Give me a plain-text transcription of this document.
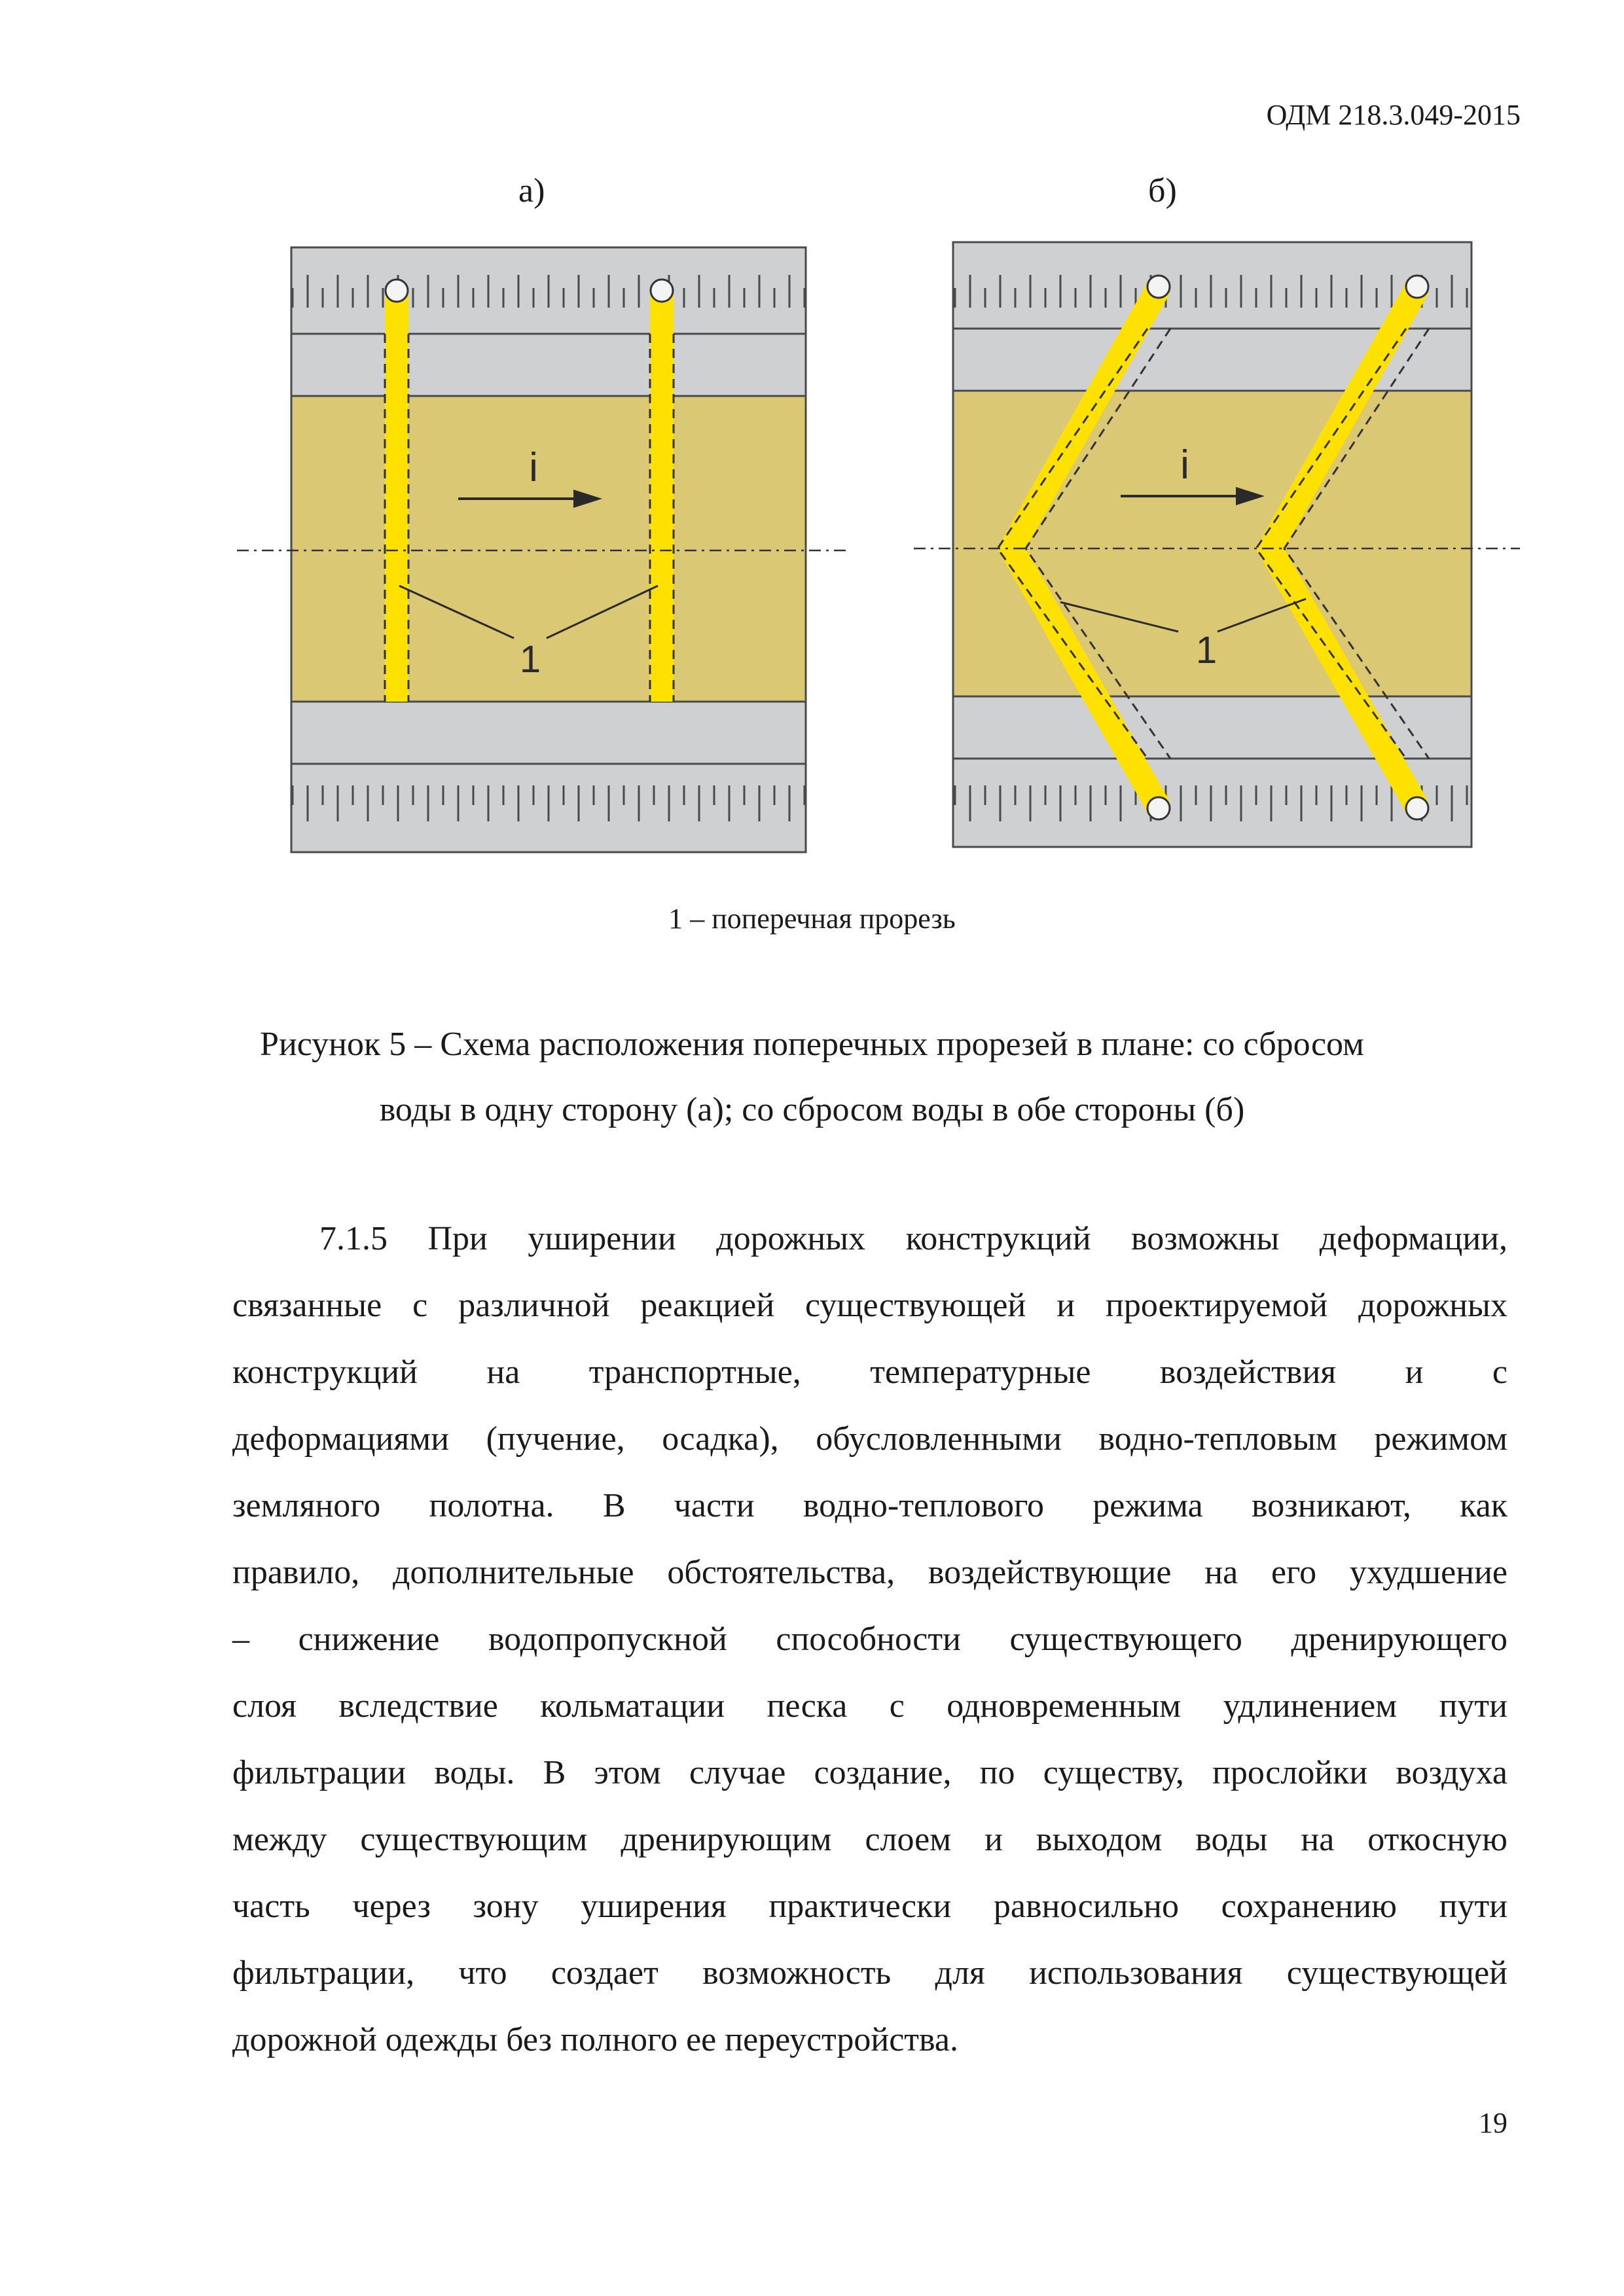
ОДМ 218.3.049-2015
а)	б)
i
1
i
1
1 – поперечная прорезь
Рисунок 5 – Схема расположения поперечных прорезей в плане: со сбросом
воды в одну сторону (а); со сбросом воды в обе стороны (б)
7.1.5 При уширении дорожных конструкций возможны деформации,
связанные с различной реакцией существующей и проектируемой дорожных
конструкций на транспортные, температурные воздействия и с
деформациями (пучение, осадка), обусловленными водно-тепловым режимом
земляного полотна. В части водно-теплового режима возникают, как
правило, дополнительные обстоятельства, воздействующие на его ухудшение
– снижение водопропускной способности существующего дренирующего
слоя вследствие кольматации песка с одновременным удлинением пути
фильтрации воды. В этом случае создание, по существу, прослойки воздуха
между существующим дренирующим слоем и выходом воды на откосную
часть через зону уширения практически равносильно сохранению пути
фильтрации, что создает возможность для использования существующей
дорожной одежды без полного ее переустройства.
19
